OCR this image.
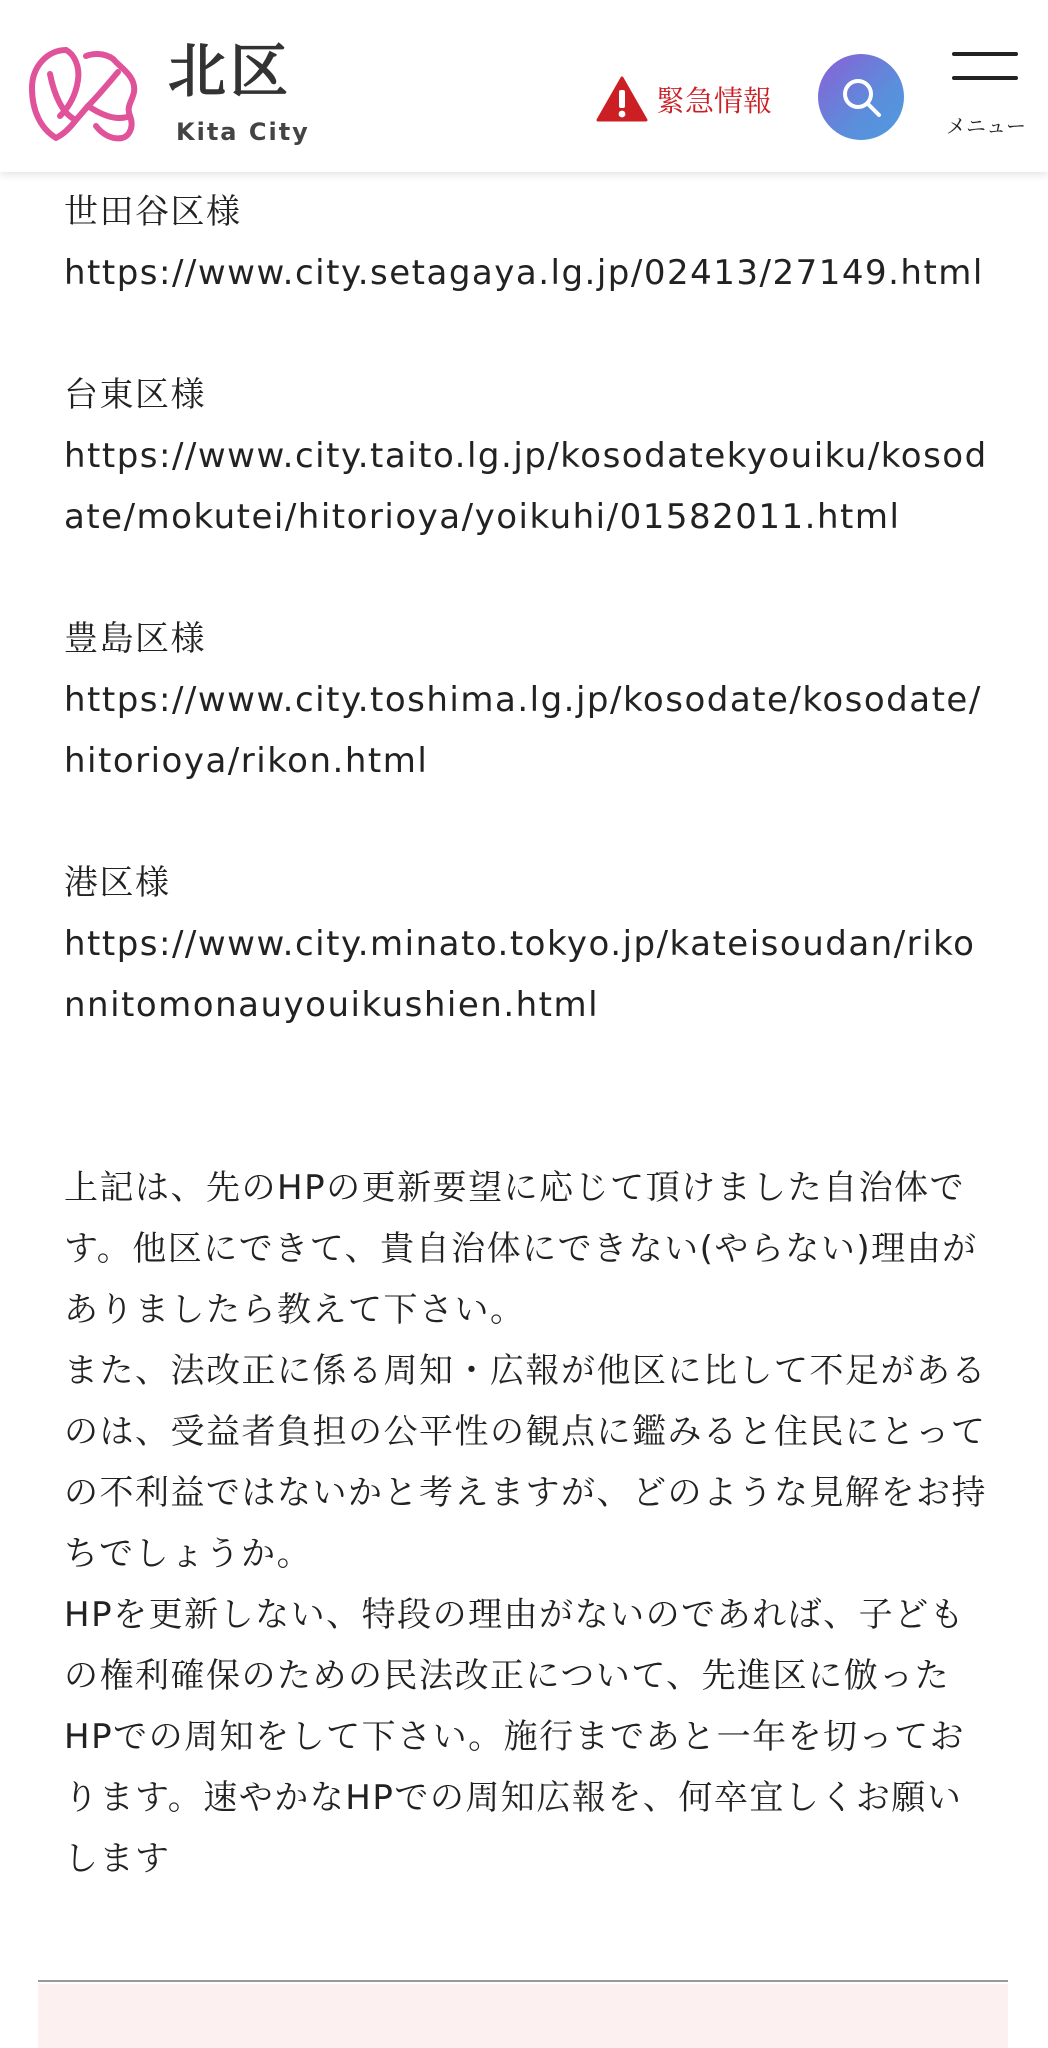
北区
Kita City
緊急情報
メニュー

世田谷区様

https://www.city.setagaya.lg.jp/02413/27149.html

台東区様

https://www.city.taito.lg.jp/kosodatekyouiku/kosodate/mokutei/hitorioya/yoikuhi/01582011.html

豊島区様

https://www.city.toshima.lg.jp/kosodate/kosodate/hitorioya/rikon.html

港区様

https://www.city.minato.tokyo.jp/kateisoudan/rikonnitomonauyouikushien.html

上記は、先のHPの更新要望に応じて頂けました自治体です。他区にできて、貴自治体にできない(やらない)理由がありましたら教えて下さい。

また、法改正に係る周知・広報が他区に比して不足があるのは、受益者負担の公平性の観点に鑑みると住民にとっての不利益ではないかと考えますが、どのような見解をお持ちでしょうか。

HPを更新しない、特段の理由がないのであれば、子どもの権利確保のための民法改正について、先進区に倣ったHPでの周知をして下さい。施行まであと一年を切っております。速やかなHPでの周知広報を、何卒宜しくお願いします
